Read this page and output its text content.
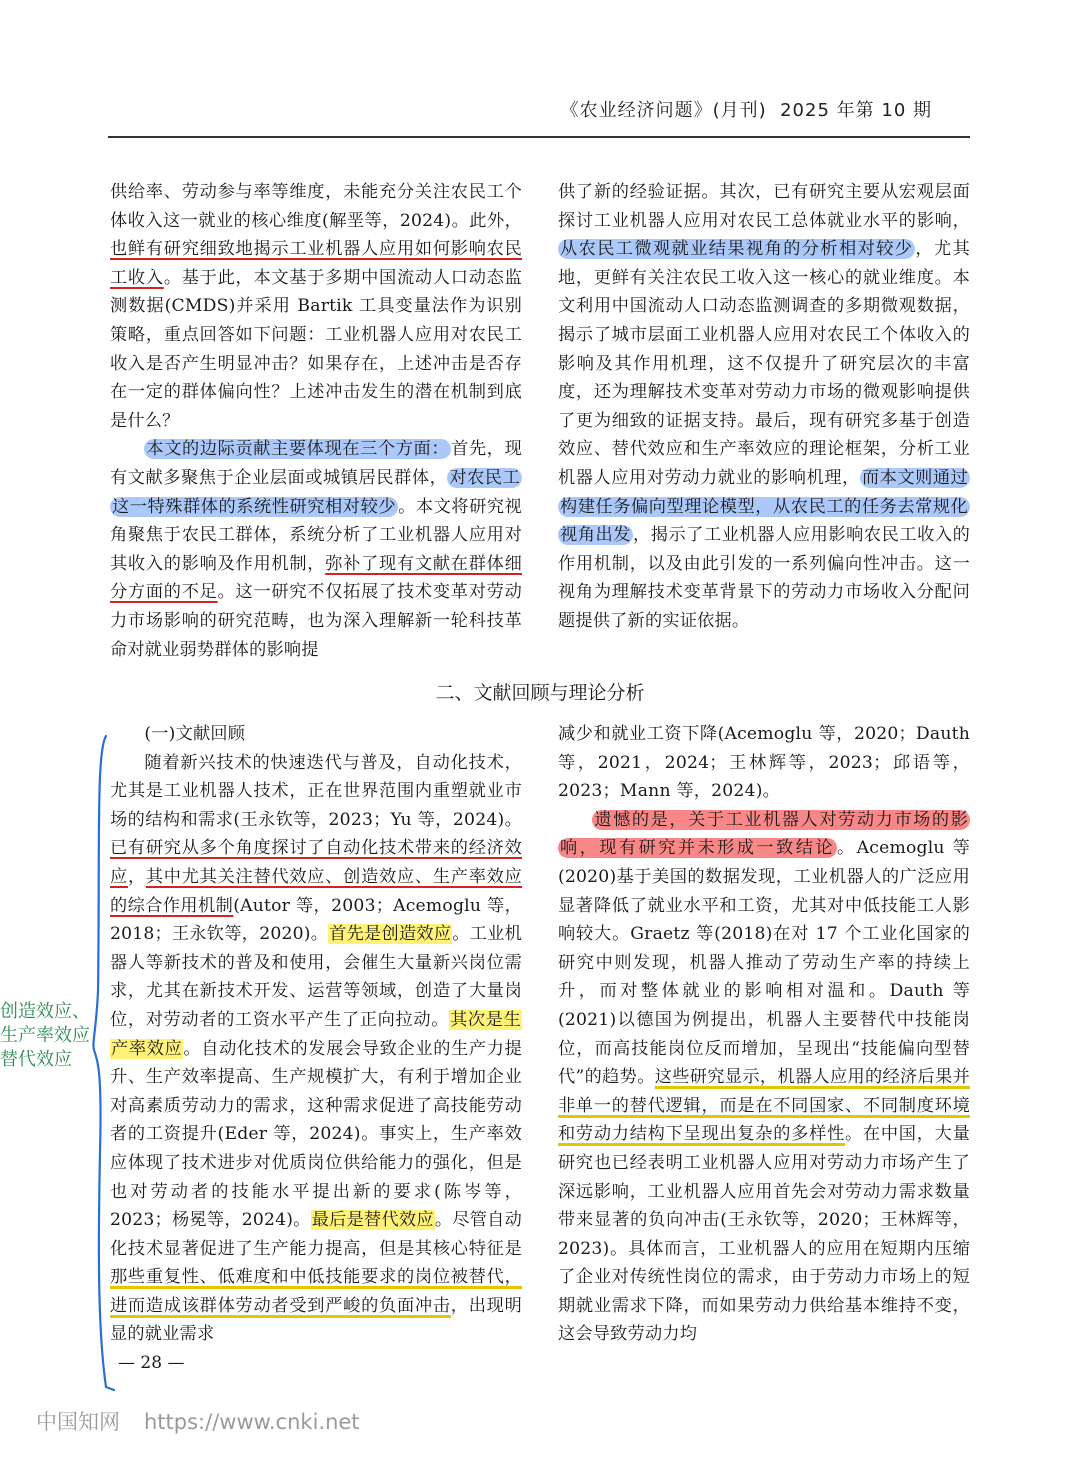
《农业经济问题》(月刊) 2025 年第 10 期

供给率、劳动参与率等维度，未能充分关注农民工个体收入这一就业的核心维度(解垩等，2024)。此外，也鲜有研究细致地揭示工业机器人应用如何影响农民工收入。基于此，本文基于多期中国流动人口动态监测数据(CMDS)并采用 Bartik 工具变量法作为识别策略，重点回答如下问题：工业机器人应用对农民工收入是否产生明显冲击？如果存在，上述冲击是否存在一定的群体偏向性？上述冲击发生的潜在机制到底是什么？

本文的边际贡献主要体现在三个方面： 首先，现有文献多聚焦于企业层面或城镇居民群体， 对农民工这一特殊群体的系统性研究相对较少 。本文将研究视角聚焦于农民工群体，系统分析了工业机器人应用对其收入的影响及作用机制，弥补了现有文献在群体细分方面的不足。这一研究不仅拓展了技术变革对劳动力市场影响的研究范畴，也为深入理解新一轮科技革命对就业弱势群体的影响提

供了新的经验证据。其次，已有研究主要从宏观层面探讨工业机器人应用对农民工总体就业水平的影响，从农民工微观就业结果视角的分析相对较少 ，尤其地，更鲜有关注农民工收入这一核心的就业维度。本文利用中国流动人口动态监测调查的多期微观数据，揭示了城市层面工业机器人应用对农民工个体收入的影响及其作用机理，这不仅提升了研究层次的丰富度，还为理解技术变革对劳动力市场的微观影响提供了更为细致的证据支持。最后，现有研究多基于创造效应、替代效应和生产率效应的理论框架，分析工业机器人应用对劳动力就业的影响机理， 而本文则通过构建任务偏向型理论模型，从农民工的任务去常规化视角出发 ，揭示了工业机器人应用影响农民工收入的作用机制，以及由此引发的一系列偏向性冲击。这一视角为理解技术变革背景下的劳动力市场收入分配问题提供了新的实证依据。

二、文献回顾与理论分析

(一)文献回顾

随着新兴技术的快速迭代与普及，自动化技术，尤其是工业机器人技术，正在世界范围内重塑就业市场的结构和需求(王永钦等，2023；Yu 等，2024)。已有研究从多个角度探讨了自动化技术带来的经济效应，其中尤其关注替代效应、创造效应、生产率效应的综合作用机制(Autor 等，2003；Acemoglu 等，2018；王永钦等，2020)。首先是创造效应。工业机器人等新技术的普及和使用，会催生大量新兴岗位需求，尤其在新技术开发、运营等领域，创造了大量岗位，对劳动者的工资水平产生了正向拉动。其次是生产率效应。自动化技术的发展会导致企业的生产力提升、生产效率提高、生产规模扩大，有利于增加企业对高素质劳动力的需求，这种需求促进了高技能劳动者的工资提升(Eder 等，2024)。事实上，生产率效应体现了技术进步对优质岗位供给能力的强化，但是也对劳动者的技能水平提出新的要求(陈岑等，2023；杨冕等，2024)。最后是替代效应。尽管自动化技术显著促进了生产能力提高，但是其核心特征是那些重复性、低难度和中低技能要求的岗位被替代，进而造成该群体劳动者受到严峻的负面冲击，出现明显的就业需求

减少和就业工资下降(Acemoglu 等，2020；Dauth 等，2021，2024；王林辉等，2023；邱语等，2023；Mann 等，2024)。

遗憾的是，关于工业机器人对劳动力市场的影响，现有研究并未形成一致结论 。Acemoglu 等(2020)基于美国的数据发现，工业机器人的广泛应用显著降低了就业水平和工资，尤其对中低技能工人影响较大。Graetz 等(2018)在对 17 个工业化国家的研究中则发现，机器人推动了劳动生产率的持续上升，而对整体就业的影响相对温和。Dauth 等(2021)以德国为例提出，机器人主要替代中技能岗位，而高技能岗位反而增加，呈现出“技能偏向型替代”的趋势。这些研究显示，机器人应用的经济后果并非单一的替代逻辑，而是在不同国家、不同制度环境和劳动力结构下呈现出复杂的多样性。在中国，大量研究也已经表明工业机器人应用对劳动力市场产生了深远影响，工业机器人应用首先会对劳动力需求数量带来显著的负向冲击(王永钦等，2020；王林辉等，2023)。具体而言，工业机器人的应用在短期内压缩了企业对传统性岗位的需求，由于劳动力市场上的短期就业需求下降，而如果劳动力供给基本维持不变，这会导致劳动力均

— 28 —
创造效应、
生产率效应
替代效应
中国知网 https://www.cnki.net
